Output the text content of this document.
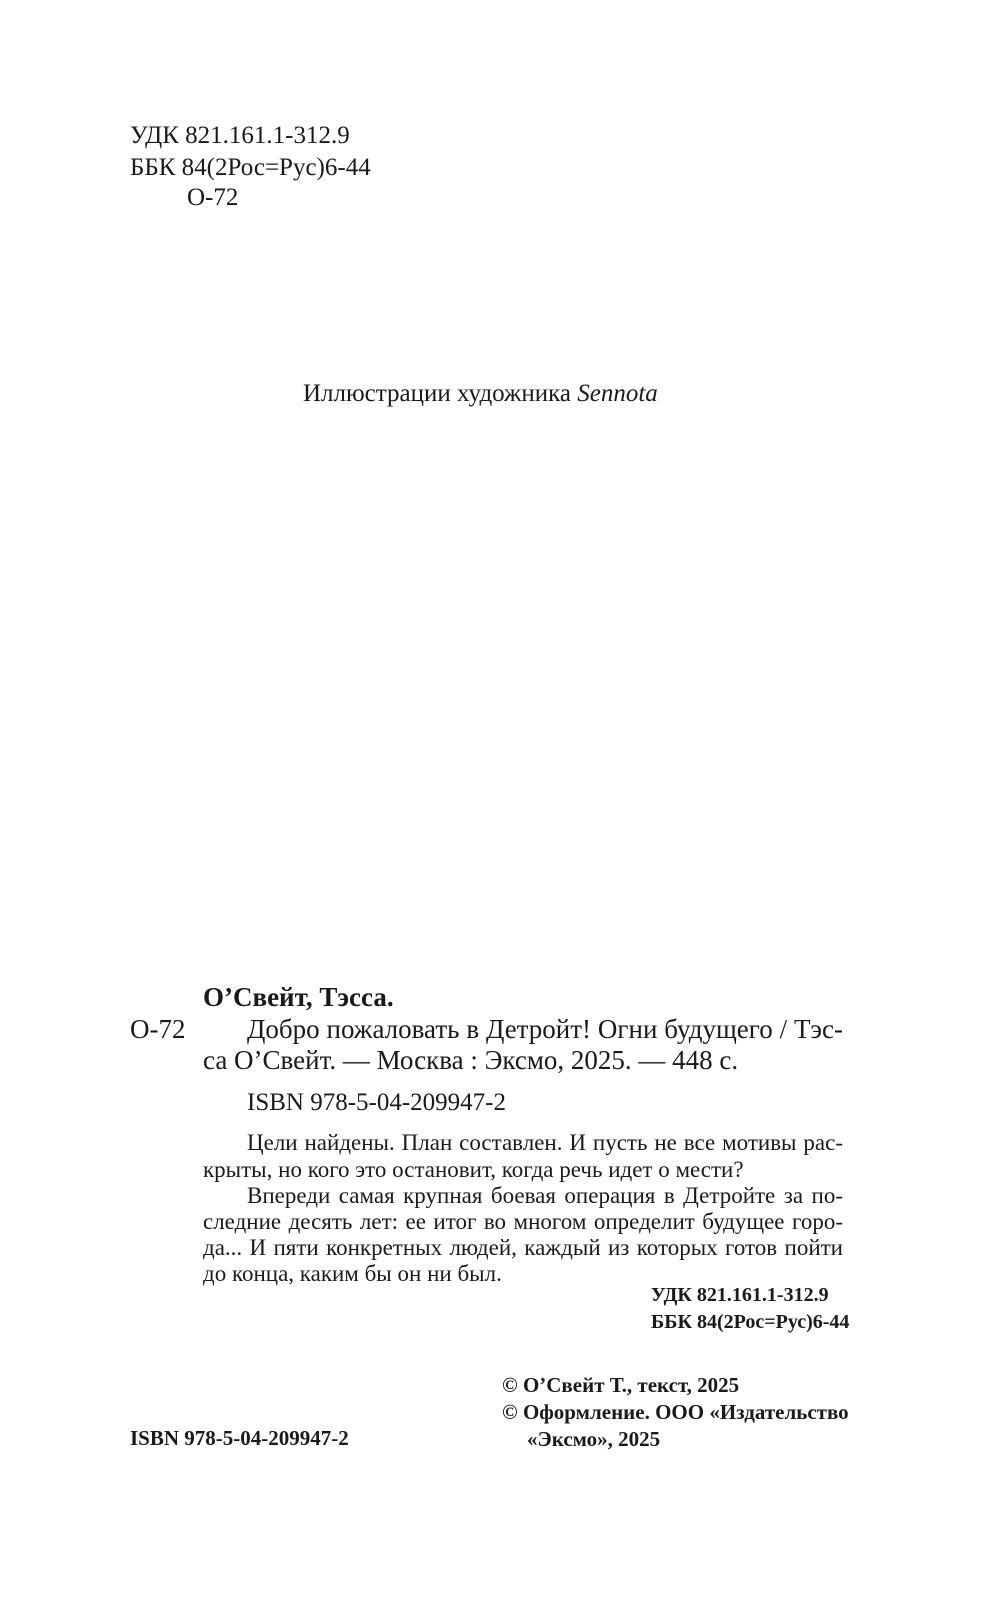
УДК 821.161.1-312.9
ББК 84(2Рос=Рус)6-44
О-72
Иллюстрации художника Sennota
О’Свейт, Тэсса.
О-72 Добро пожаловать в Детройт! Огни будущего / Тэс-
са О’Свейт. — Москва : Эксмо, 2025. — 448 с.
ISBN 978-5-04-209947-2
Цели найдены. План составлен. И пусть не все мотивы рас-
крыты, но кого это остановит, когда речь идет о мести?
Впереди самая крупная боевая операция в Детройте за по-
следние десять лет: ее итог во многом определит будущее горо-
да... И пяти конкретных людей, каждый из которых готов пойти
до конца, каким бы он ни был.
УДК 821.161.1-312.9
ББК 84(2Рос=Рус)6-44
ISBN 978-5-04-209947-2
© О’Свейт Т., текст, 2025
© Оформление. ООО «Издательство
«Эксмо», 2025
